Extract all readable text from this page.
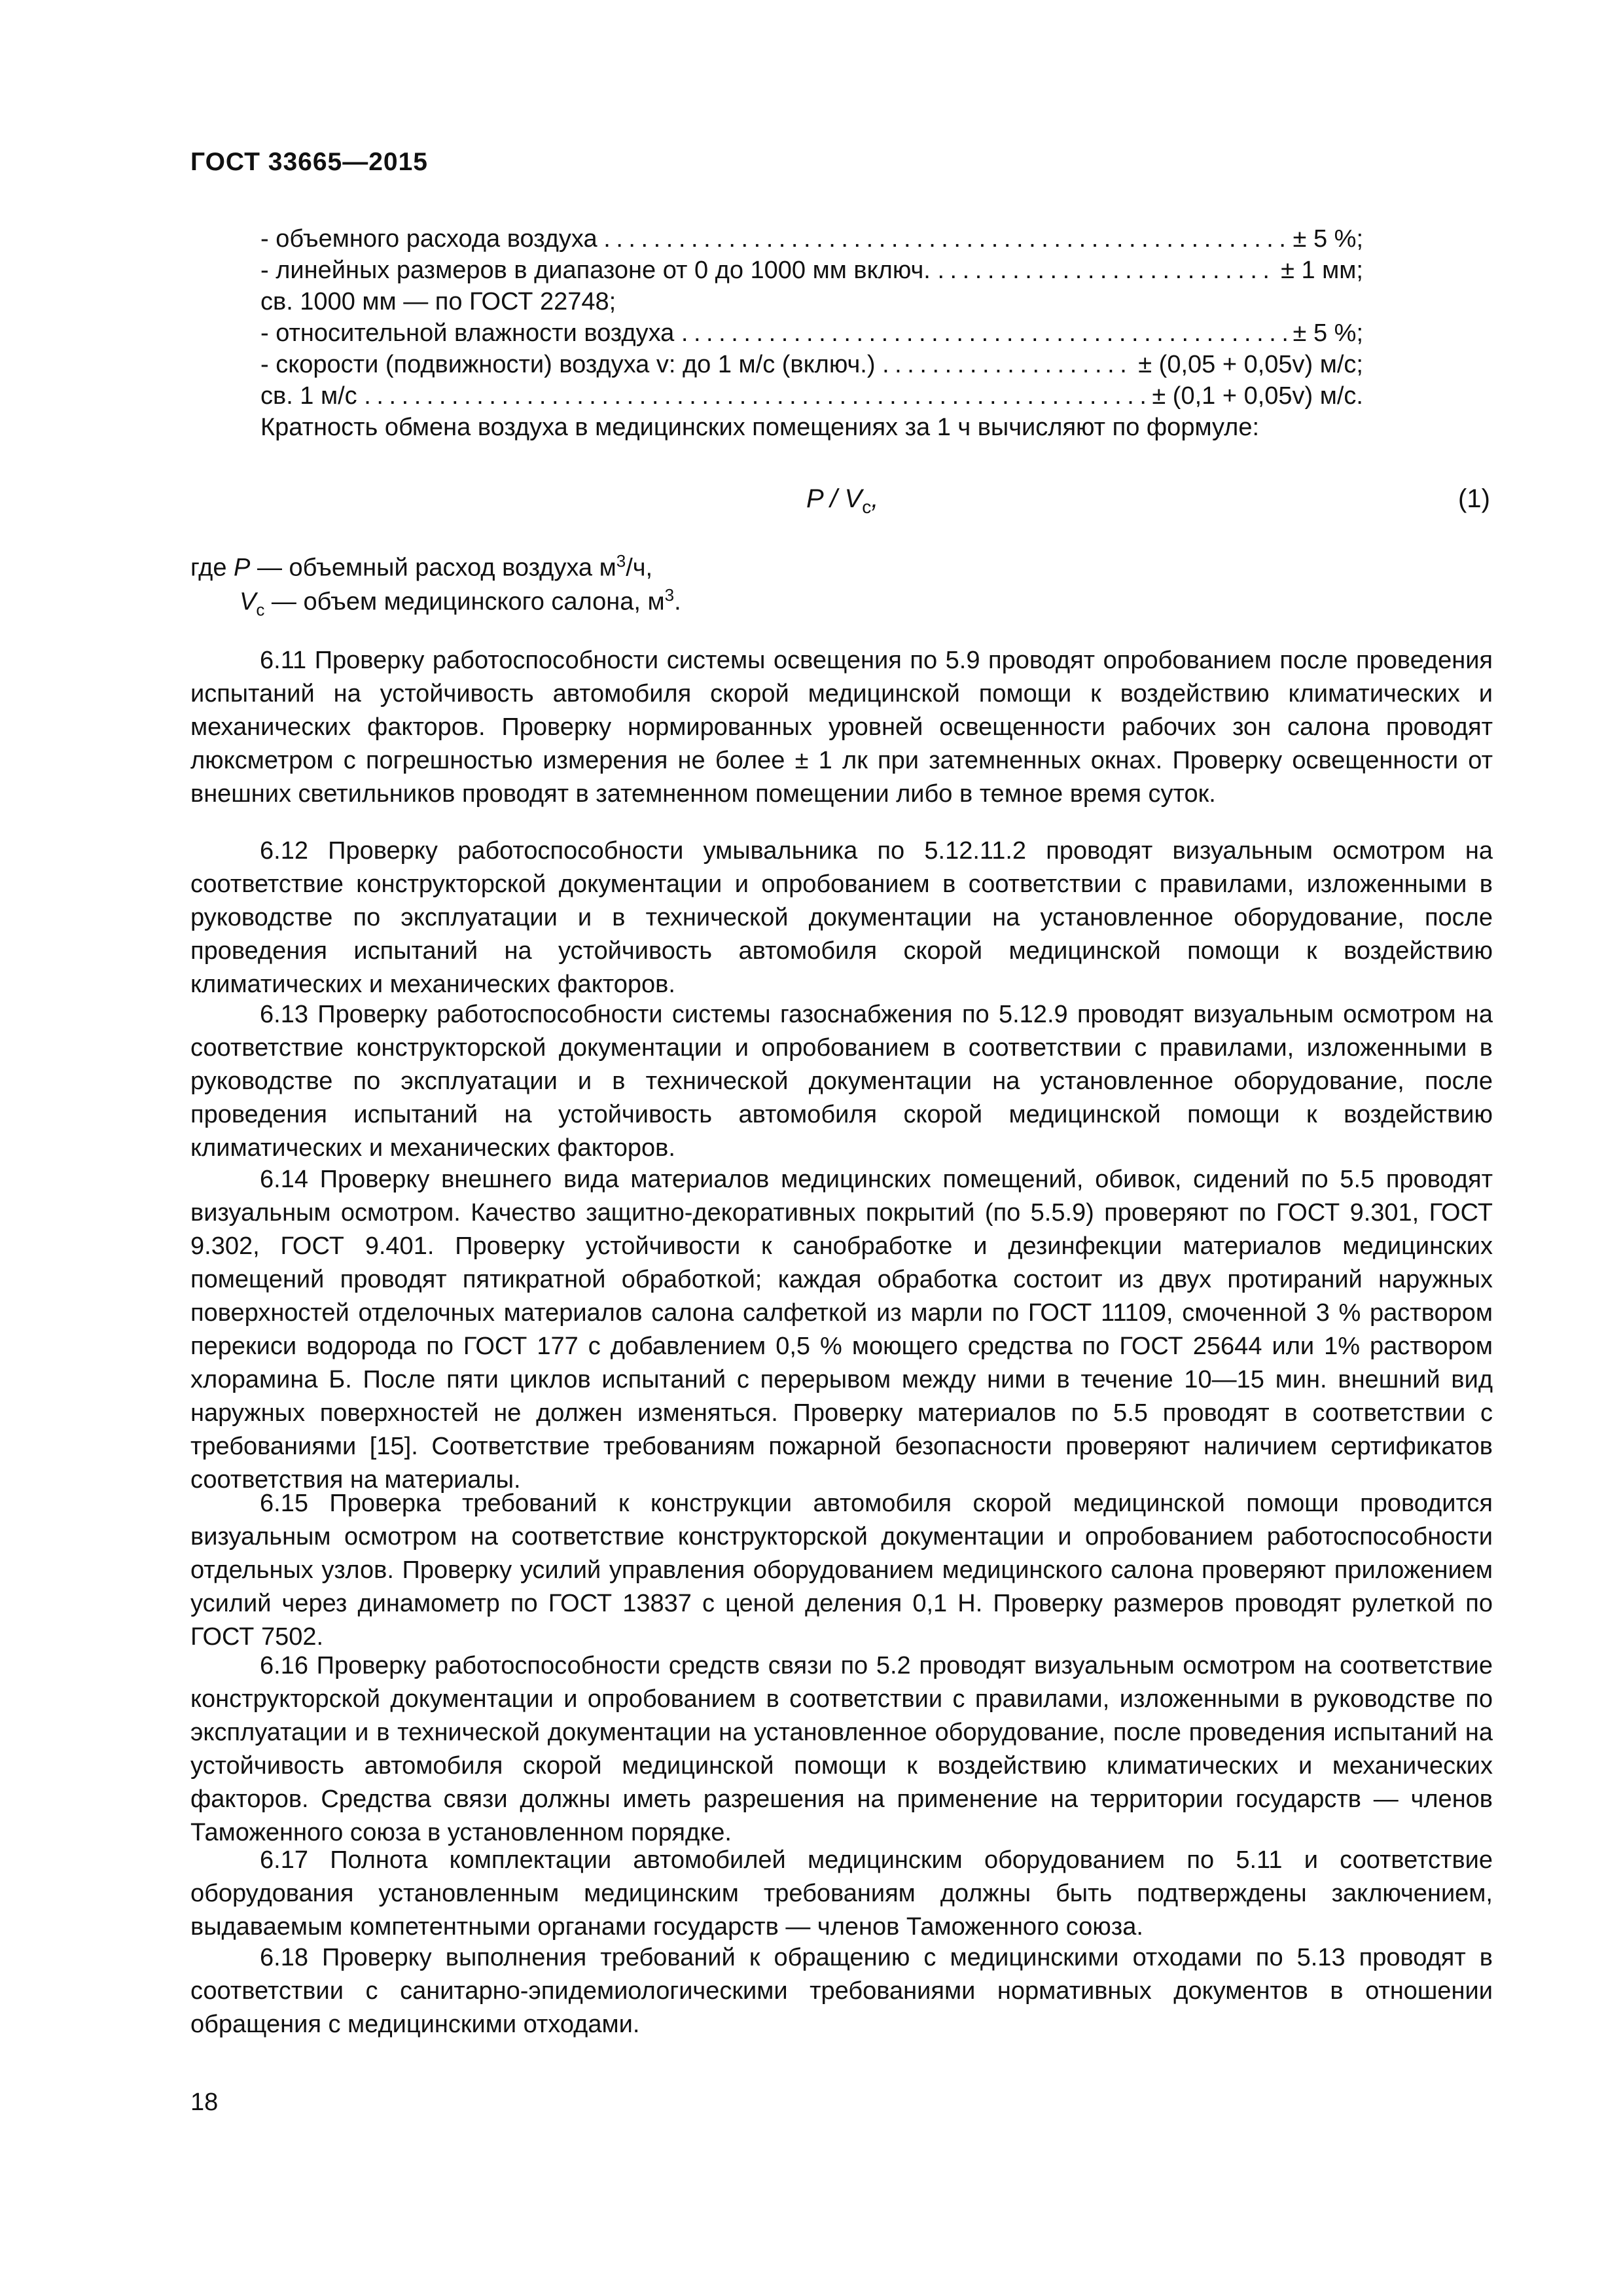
ГОСТ 33665—2015
- объемного расхода воздуха . . .	± 5 %;
- линейных размеров в диапазоне от 0 до 1000 мм включ. . . .	± 1 мм;
св. 1000 мм — по ГОСТ 22748;
- относительной влажности воздуха . . .	± 5 %;
- скорости (подвижности) воздуха v: до 1 м/с (включ.) . . .	± (0,05 + 0,05v) м/с;
св. 1 м/с . . .	± (0,1 + 0,05v) м/с.
Кратность обмена воздуха в медицинских помещениях за 1 ч вычисляют по формуле:
P / $V_c$,	(1)
где P — объемный расход воздуха $м^3/ч$,
$V_c$ — объем медицинского салона, $м^3$.
6.11 Проверку работоспособности системы освещения по 5.9 проводят опробованием после проведения испытаний на устойчивость автомобиля скорой медицинской помощи к воздействию климатических и механических факторов. Проверку нормированных уровней освещенности рабочих зон салона проводят люксметром с погрешностью измерения не более ± 1 лк при затемненных окнах. Проверку освещенности от внешних светильников проводят в затемненном помещении либо в темное время суток.
6.12 Проверку работоспособности умывальника по 5.12.11.2 проводят визуальным осмотром на соответствие конструкторской документации и опробованием в соответствии с правилами, изложенными в руководстве по эксплуатации и в технической документации на установленное оборудование, после проведения испытаний на устойчивость автомобиля скорой медицинской помощи к воздействию климатических и механических факторов.
6.13 Проверку работоспособности системы газоснабжения по 5.12.9 проводят визуальным осмотром на соответствие конструкторской документации и опробованием в соответствии с правилами, изложенными в руководстве по эксплуатации и в технической документации на установленное оборудование, после проведения испытаний на устойчивость автомобиля скорой медицинской помощи к воздействию климатических и механических факторов.
6.14 Проверку внешнего вида материалов медицинских помещений, обивок, сидений по 5.5 проводят визуальным осмотром. Качество защитно-декоративных покрытий (по 5.5.9) проверяют по ГОСТ 9.301, ГОСТ 9.302, ГОСТ 9.401. Проверку устойчивости к санобработке и дезинфекции материалов медицинских помещений проводят пятикратной обработкой; каждая обработка состоит из двух протираний наружных поверхностей отделочных материалов салона салфеткой из марли по ГОСТ 11109, смоченной 3 % раствором перекиси водорода по ГОСТ 177 с добавлением 0,5 % моющего средства по ГОСТ 25644 или 1% раствором хлорамина Б. После пяти циклов испытаний с перерывом между ними в течение 10—15 мин. внешний вид наружных поверхностей не должен изменяться. Проверку материалов по 5.5 проводят в соответствии с требованиями [15]. Соответствие требованиям пожарной безопасности проверяют наличием сертификатов соответствия на материалы.
6.15 Проверка требований к конструкции автомобиля скорой медицинской помощи проводится визуальным осмотром на соответствие конструкторской документации и опробованием работоспособности отдельных узлов. Проверку усилий управления оборудованием медицинского салона проверяют приложением усилий через динамометр по ГОСТ 13837 с ценой деления 0,1 Н. Проверку размеров проводят рулеткой по ГОСТ 7502.
6.16 Проверку работоспособности средств связи по 5.2 проводят визуальным осмотром на соответствие конструкторской документации и опробованием в соответствии с правилами, изложенными в руководстве по эксплуатации и в технической документации на установленное оборудование, после проведения испытаний на устойчивость автомобиля скорой медицинской помощи к воздействию климатических и механических факторов. Средства связи должны иметь разрешения на применение на территории государств — членов Таможенного союза в установленном порядке.
6.17 Полнота комплектации автомобилей медицинским оборудованием по 5.11 и соответствие оборудования установленным медицинским требованиям должны быть подтверждены заключением, выдаваемым компетентными органами государств — членов Таможенного союза.
6.18 Проверку выполнения требований к обращению с медицинскими отходами по 5.13 проводят в соответствии с санитарно-эпидемиологическими требованиями нормативных документов в отношении обращения с медицинскими отходами.
18
